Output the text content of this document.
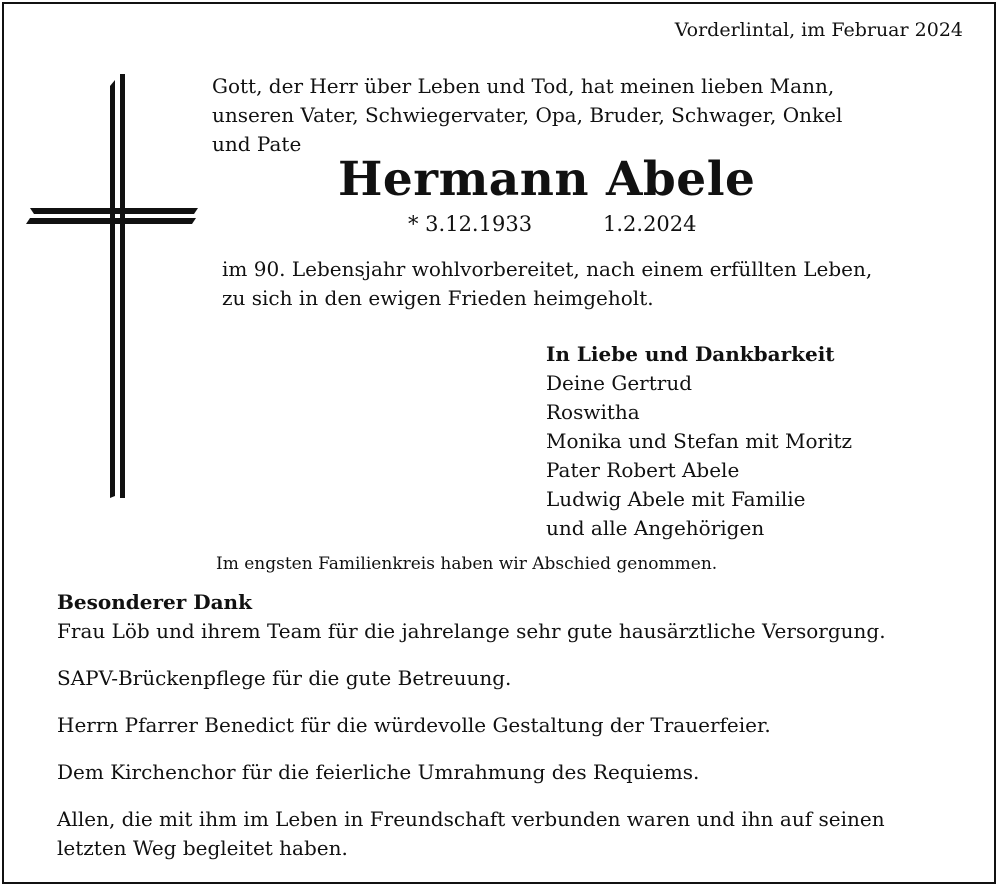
Vorderlintal, im Februar 2024
Gott, der Herr über Leben und Tod, hat meinen lieben Mann,
unseren Vater, Schwiegervater, Opa, Bruder, Schwager, Onkel
und Pate
Hermann Abele
* 3.12.1933	1.2.2024
im 90. Lebensjahr wohlvorbereitet, nach einem erfüllten Leben,
zu sich in den ewigen Frieden heimgeholt.
In Liebe und Dankbarkeit
Deine Gertrud
Roswitha
Monika und Stefan mit Moritz
Pater Robert Abele
Ludwig Abele mit Familie
und alle Angehörigen
Im engsten Familienkreis haben wir Abschied genommen.
Besonderer Dank
Frau Löb und ihrem Team für die jahrelange sehr gute hausärztliche Versorgung.
SAPV-Brückenpflege für die gute Betreuung.
Herrn Pfarrer Benedict für die würdevolle Gestaltung der Trauerfeier.
Dem Kirchenchor für die feierliche Umrahmung des Requiems.
Allen, die mit ihm im Leben in Freundschaft verbunden waren und ihn auf seinen
letzten Weg begleitet haben.
